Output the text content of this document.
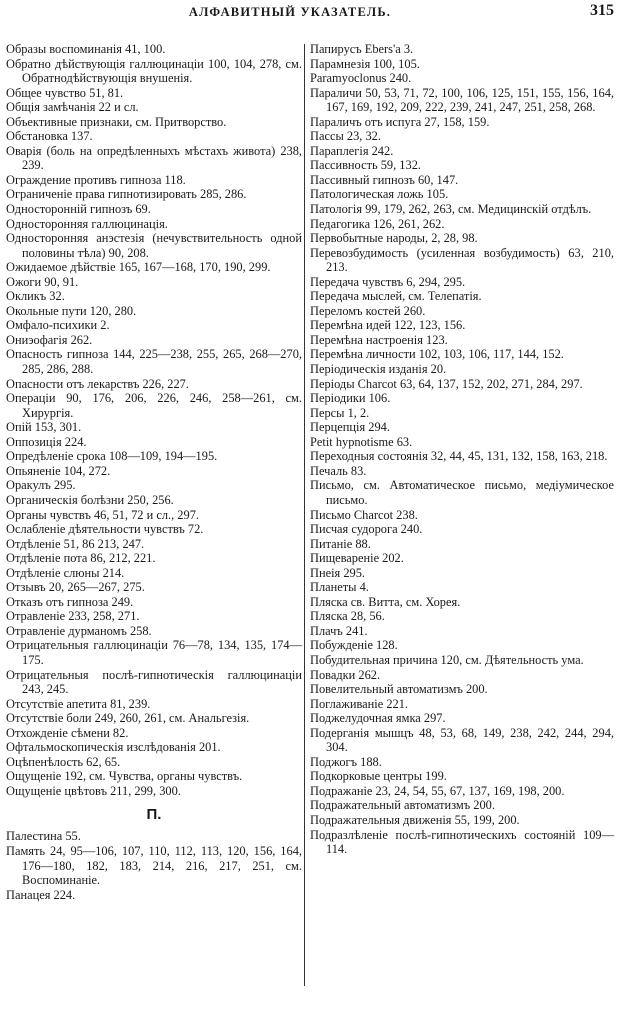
АЛФАВИТНЫЙ УКАЗАТЕЛЬ.	315
Образы воспоминанія 41, 100.
Обратно дѣйствующія галлюцинаціи 100, 104, 278, см. Обратнодѣйствующія внушенія.
Общее чувство 51, 81.
Общія замѣчанія 22 и сл.
Объективные признаки, см. Притворство.
Обстановка 137.
Оварія (боль на опредѣленныхъ мѣстахъ живота) 238, 239.
Ограждение противъ гипноза 118.
Ограниченіе права гипнотизировать 285, 286.
Односторонній гипнозъ 69.
Односторонняя галлюцинація.
Односторонняя анэстезія (нечувствительность одной половины тѣла) 90, 208.
Ожидаемое дѣйствіе 165, 167—168, 170, 190, 299.
Ожоги 90, 91.
Окликъ 32.
Окольные пути 120, 280.
Омфало-психики 2.
Ониэофагія 262.
Опасность гипноза 144, 225—238, 255, 265, 268—270, 285, 286, 288.
Опасности отъ лекарствъ 226, 227.
Операціи 90, 176, 206, 226, 246, 258—261, см. Хирургія.
Опій 153, 301.
Оппозиція 224.
Опредѣленіе срока 108—109, 194—195.
Опьяненіе 104, 272.
Оракулъ 295.
Органическія болѣзни 250, 256.
Органы чувствъ 46, 51, 72 и сл., 297.
Ослабленіе дѣятельности чувствъ 72.
Отдѣленіе 51, 86 213, 247.
Отдѣленіе пота 86, 212, 221.
Отдѣленіе слюны 214.
Отзывъ 20, 265—267, 275.
Отказъ отъ гипноза 249.
Отравленіе 233, 258, 271.
Отравленіе дурманомъ 258.
Отрицательныя галлюцинаціи 76—78, 134, 135, 174—175.
Отрицательныя послѣ-гипнотическія галлюцинаціи 243, 245.
Отсутствіе апетита 81, 239.
Отсутствіе боли 249, 260, 261, см. Анальгезія.
Отхожденіе сѣмени 82.
Офтальмоскопическія изслѣдованія 201.
Оцѣпенѣлость 62, 65.
Ощущеніе 192, см. Чувства, органы чувствъ.
Ощущеніе цвѣтовъ 211, 299, 300.
П.
Палестина 55.
Память 24, 95—106, 107, 110, 112, 113, 120, 156, 164, 176—180, 182, 183, 214, 216, 217, 251, см. Воспоминаніе.
Панацея 224.
Папирусъ Ebers'a 3.
Парамнезія 100, 105.
Paramyoclonus 240.
Параличи 50, 53, 71, 72, 100, 106, 125, 151, 155, 156, 164, 167, 169, 192, 209, 222, 239, 241, 247, 251, 258, 268.
Параличъ отъ испуга 27, 158, 159.
Пассы 23, 32.
Параплегія 242.
Пассивность 59, 132.
Пассивный гипнозъ 60, 147.
Патологическая ложь 105.
Патологія 99, 179, 262, 263, см. Медицинскій отдѣлъ.
Педагогика 126, 261, 262.
Первобытные народы, 2, 28, 98.
Перевозбудимость (усиленная возбудимость) 63, 210, 213.
Передача чувствъ 6, 294, 295.
Передача мыслей, см. Телепатія.
Переломъ костей 260.
Перемѣна идей 122, 123, 156.
Перемѣна настроенія 123.
Перемѣна личности 102, 103, 106, 117, 144, 152.
Періодическія изданія 20.
Періоды Charcot 63, 64, 137, 152, 202, 271, 284, 297.
Періодики 106.
Персы 1, 2.
Перцепція 294.
Petit hypnotisme 63.
Переходныя состоянія 32, 44, 45, 131, 132, 158, 163, 218.
Печаль 83.
Письмо, см. Автоматическое письмо, медіумическое письмо.
Письмо Charcot 238.
Писчая судорога 240.
Питаніе 88.
Пищевареніе 202.
Пнеія 295.
Планеты 4.
Пляска св. Витта, см. Хорея.
Пляска 28, 56.
Плачъ 241.
Побужденіе 128.
Побудительная причина 120, см. Дѣятельность ума.
Повадки 262.
Повелительный автоматизмъ 200.
Поглаживаніе 221.
Поджелудочная ямка 297.
Подерганія мышцъ 48, 53, 68, 149, 238, 242, 244, 294, 304.
Поджогъ 188.
Подкорковые центры 199.
Подражаніе 23, 24, 54, 55, 67, 137, 169, 198, 200.
Подражательный автоматизмъ 200.
Подражательныя движенія 55, 199, 200.
Подразлѣленіе послѣ-гипнотическихъ состояній 109—114.
